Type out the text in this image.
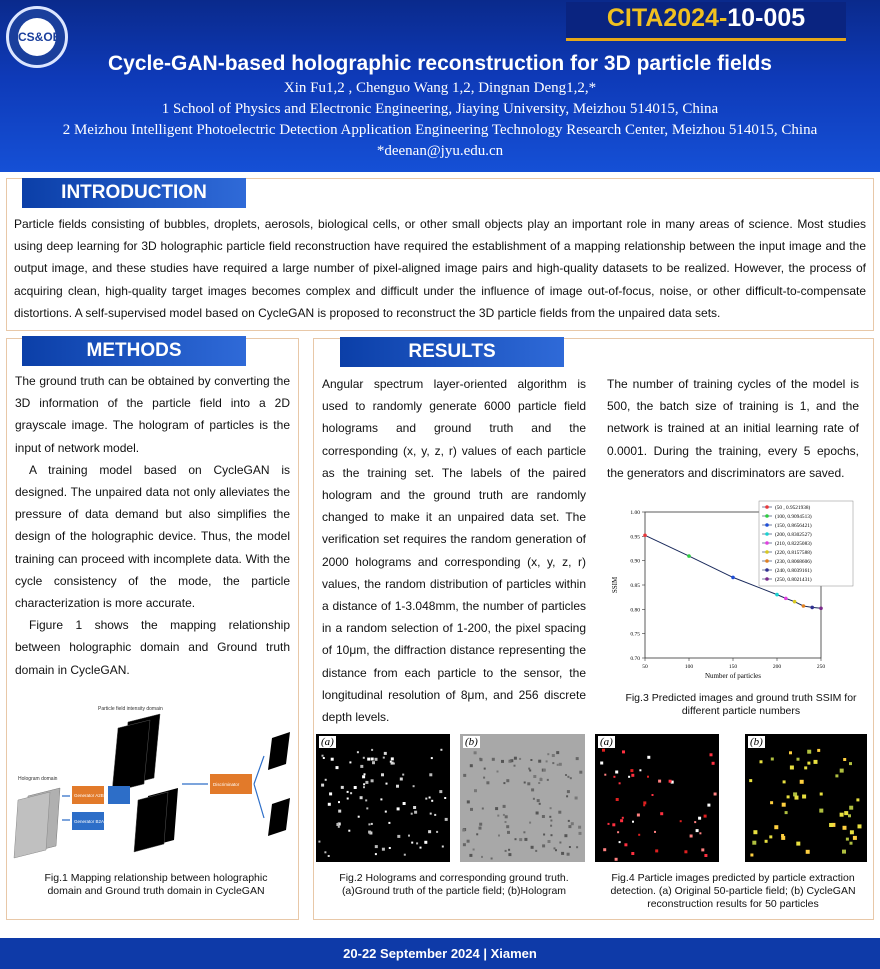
CS&OE
CITA2024-10-005
Cycle-GAN-based holographic reconstruction for 3D particle fields
Xin Fu1,2 , Chenguo Wang 1,2, Dingnan Deng1,2,*
1 School of Physics and Electronic Engineering, Jiaying University, Meizhou 514015, China
2 Meizhou Intelligent Photoelectric Detection Application Engineering Technology Research Center, Meizhou 514015, China
*deenan@jyu.edu.cn
INTRODUCTION
Particle fields consisting of bubbles, droplets, aerosols, biological cells, or other small objects play an important role in many areas of science. Most studies using deep learning for 3D holographic particle field reconstruction have required the establishment of a mapping relationship between the input image and the output image, and these studies have required a large number of pixel-aligned image pairs and high-quality datasets to be realized. However, the process of acquiring clean, high-quality target images becomes complex and difficult under the influence of image out-of-focus, noise, or other difficult-to-compensate distortions. A self-supervised model based on CycleGAN is proposed to reconstruct the 3D particle fields from the unpaired data sets.
METHODS

The ground truth can be obtained by converting the 3D information of the particle field into a 2D grayscale image. The hologram of particles is the input of network model.

A training model based on CycleGAN is designed. The unpaired data not only alleviates the pressure of data demand but also simplifies the design of the holographic device. Thus, the model training can proceed with incomplete data. With the cycle consistency of the mode, the particle characterization is more accurate.

Figure 1 shows the mapping relationship between holographic domain and Ground truth domain in CycleGAN.

Particle field intensity domain
Hologram domain
Generator A2B
Generator B2A
Discriminator
Fig.1 Mapping relationship between holographic domain and Ground truth domain in CycleGAN
RESULTS
Angular spectrum layer-oriented algorithm is used to randomly generate 6000 particle field holograms and ground truth and the corresponding (x, y, z, r) values of each particle as the training set. The labels of the paired hologram and the ground truth are randomly changed to make it an unpaired data set. The verification set requires the random generation of 2000 holograms and corresponding (x, y, z, r) values, the random distribution of particles within a distance of 1-3.048mm, the number of particles in a random selection of 1-200, the pixel spacing of 10μm, the diffraction distance representing the distance from each particle to the sensor, the longitudinal resolution of 8μm, and 256 discrete depth levels.
The number of training cycles of the model is 500, the batch size of training is 1, and the network is trained at an initial learning rate of 0.0001. During the training, every 5 epochs, the generators and discriminators are saved.
0.70
0.75
0.80
0.85
0.90
0.95
1.00
50	100	150	200	250
Number of particles
SSIM
(50 , 0.9521938)
(100, 0.9094513)
(150, 0.8656421)
(200, 0.8302527)
(210, 0.8225083)
(220, 0.8157588)
(230, 0.8068606)
(240, 0.8039161)
(250, 0.8021431)
Fig.3 Predicted images and ground truth SSIM for different particle numbers
(a)	(b)
Fig.2 Holograms and corresponding ground truth. (a)Ground truth of the particle field; (b)Hologram
(a)	(b)
Fig.4 Particle images predicted by particle extraction detection. (a) Original 50-particle field; (b) CycleGAN reconstruction results for 50 particles
20-22 September 2024 | Xiamen
